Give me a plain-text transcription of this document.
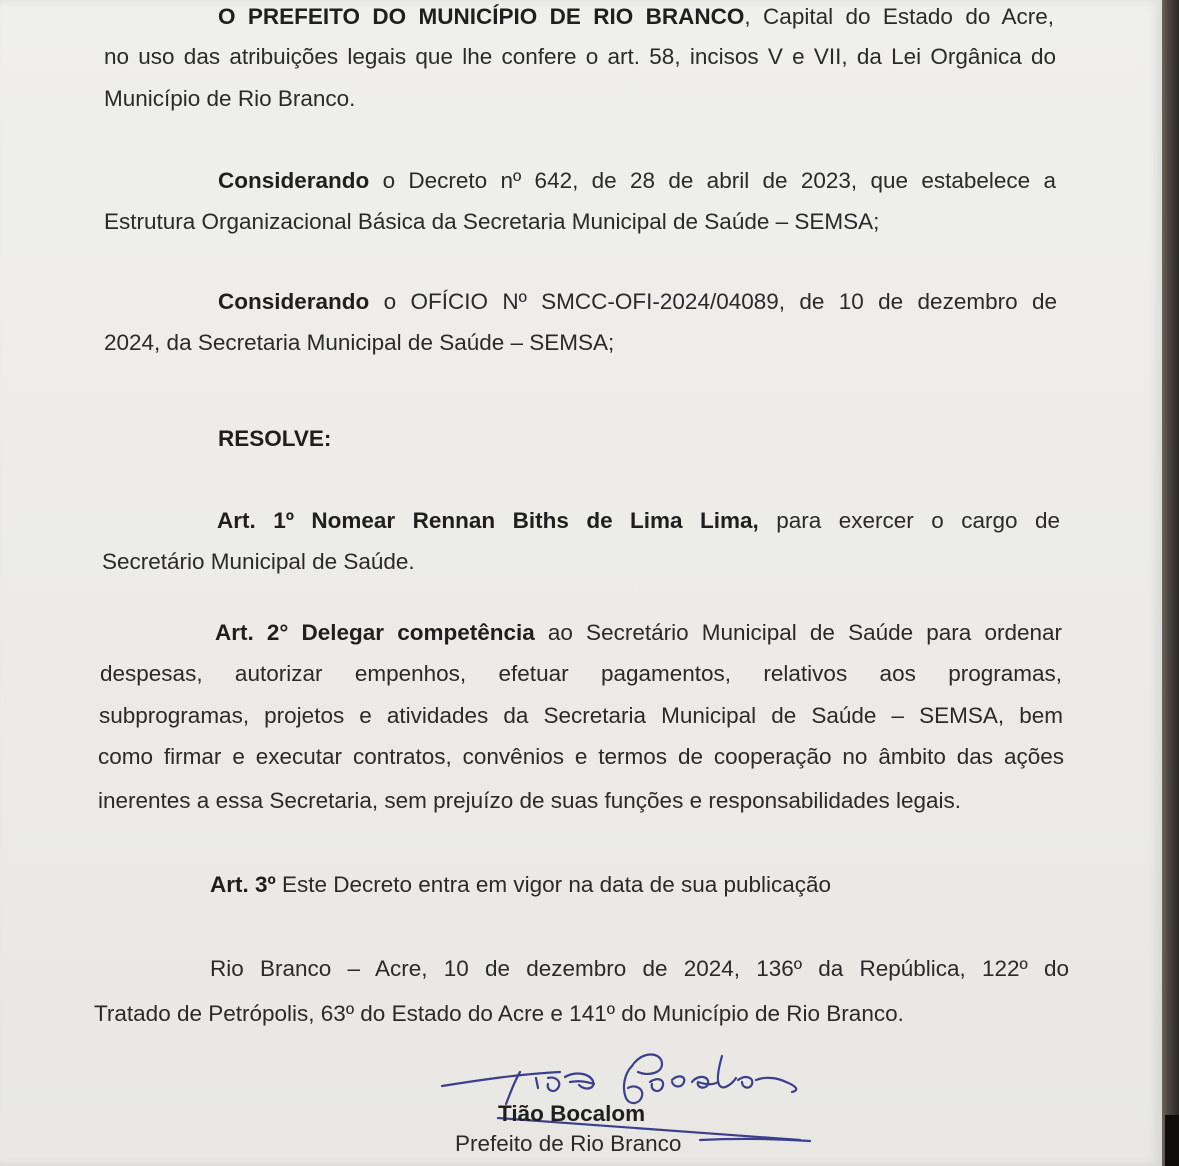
O PREFEITO DO MUNICÍPIO DE RIO BRANCO, Capital do Estado do Acre,
no uso das atribuições legais que lhe confere o art. 58, incisos V e VII, da Lei Orgânica do
Município de Rio Branco.
Considerando o Decreto nº 642, de 28 de abril de 2023, que estabelece a
Estrutura Organizacional Básica da Secretaria Municipal de Saúde – SEMSA;
Considerando o OFÍCIO Nº SMCC-OFI-2024/04089, de 10 de dezembro de
2024, da Secretaria Municipal de Saúde – SEMSA;
RESOLVE:
Art. 1º Nomear Rennan Biths de Lima Lima, para exercer o cargo de
Secretário Municipal de Saúde.
Art. 2° Delegar competência ao Secretário Municipal de Saúde para ordenar
despesas, autorizar empenhos, efetuar pagamentos, relativos aos programas,
subprogramas, projetos e atividades da Secretaria Municipal de Saúde – SEMSA, bem
como firmar e executar contratos, convênios e termos de cooperação no âmbito das ações
inerentes a essa Secretaria, sem prejuízo de suas funções e responsabilidades legais.
Art. 3º Este Decreto entra em vigor na data de sua publicação
Rio Branco – Acre, 10 de dezembro de 2024, 136º da República, 122º do
Tratado de Petrópolis, 63º do Estado do Acre e 141º do Município de Rio Branco.
Tião Bocalom
Prefeito de Rio Branco
